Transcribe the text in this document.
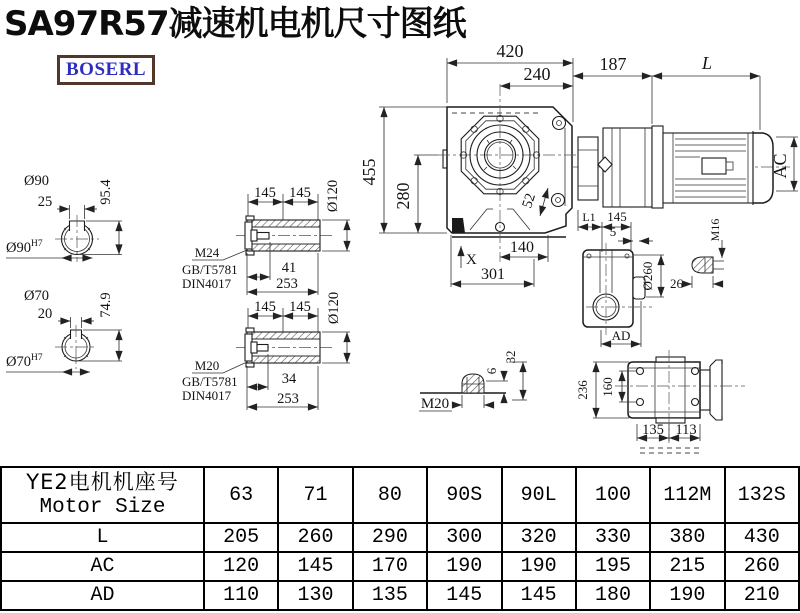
SA97R57减速机电机尺寸图纸
BOSERL
420
240
455
280	52
140
301
X
187	L
AC
L1 145
5
Ø260
AD
M16
26
M20
6
32
236 160
135 113
145 145 Ø120
M24
GB/T5781
DIN4017
41
253
145 145 Ø120
M20
GB/T5781
DIN4017
34
253
Ø90
25	95.4
$Ø90^{H7}$
Ø70
20	74.9
$Ø70^{H7}$
YE2电机机座号
Motor Size	63	71	80	90S	90L	100	112M	132S
L	205	260	290	300	320	330	380	430
AC	120	145	170	190	190	195	215	260
AD	110	130	135	145	145	180	190	210
